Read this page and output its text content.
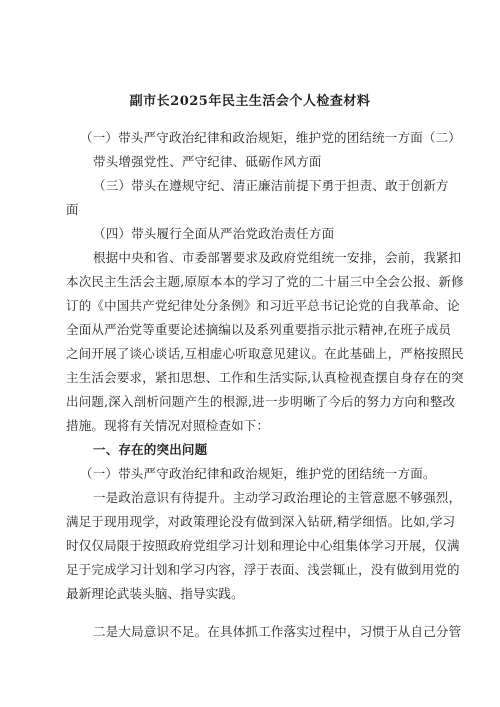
副市长2025年民主生活会个人检查材料
（一）带头严守政治纪律和政治规矩，维护党的团结统一方面（二）
带头增强党性、严守纪律、砥砺作风方面
（三）带头在遵规守纪、清正廉洁前提下勇于担责、敢于创新方
面
（四）带头履行全面从严治党政治责任方面
根据中央和省、市委部署要求及政府党组统一安排，会前，我紧扣
本次民主生活会主题,原原本本的学习了党的二十届三中全会公报、新修
订的《中国共产党纪律处分条例》和习近平总书记论党的自我革命、论
全面从严治党等重要论述摘编以及系列重要指示批示精神,在班子成员
之间开展了谈心谈话,互相虚心听取意见建议。在此基础上，严格按照民
主生活会要求，紧扣思想、工作和生活实际,认真检视查摆自身存在的突
出问题,深入剖析问题产生的根源,进一步明晰了今后的努力方向和整改
措施。现将有关情况对照检查如下：
一、存在的突出问题
（一）带头严守政治纪律和政治规矩，维护党的团结统一方面。
一是政治意识有待提升。主动学习政治理论的主管意愿不够强烈，
满足于现用现学，对政策理论没有做到深入钻研,精学细悟。比如,学习
时仅仅局限于按照政府党组学习计划和理论中心组集体学习开展，仅满
足于完成学习计划和学习内容，浮于表面、浅尝辄止，没有做到用党的
最新理论武装头脑、指导实践。
二是大局意识不足。在具体抓工作落实过程中，习惯于从自己分管
